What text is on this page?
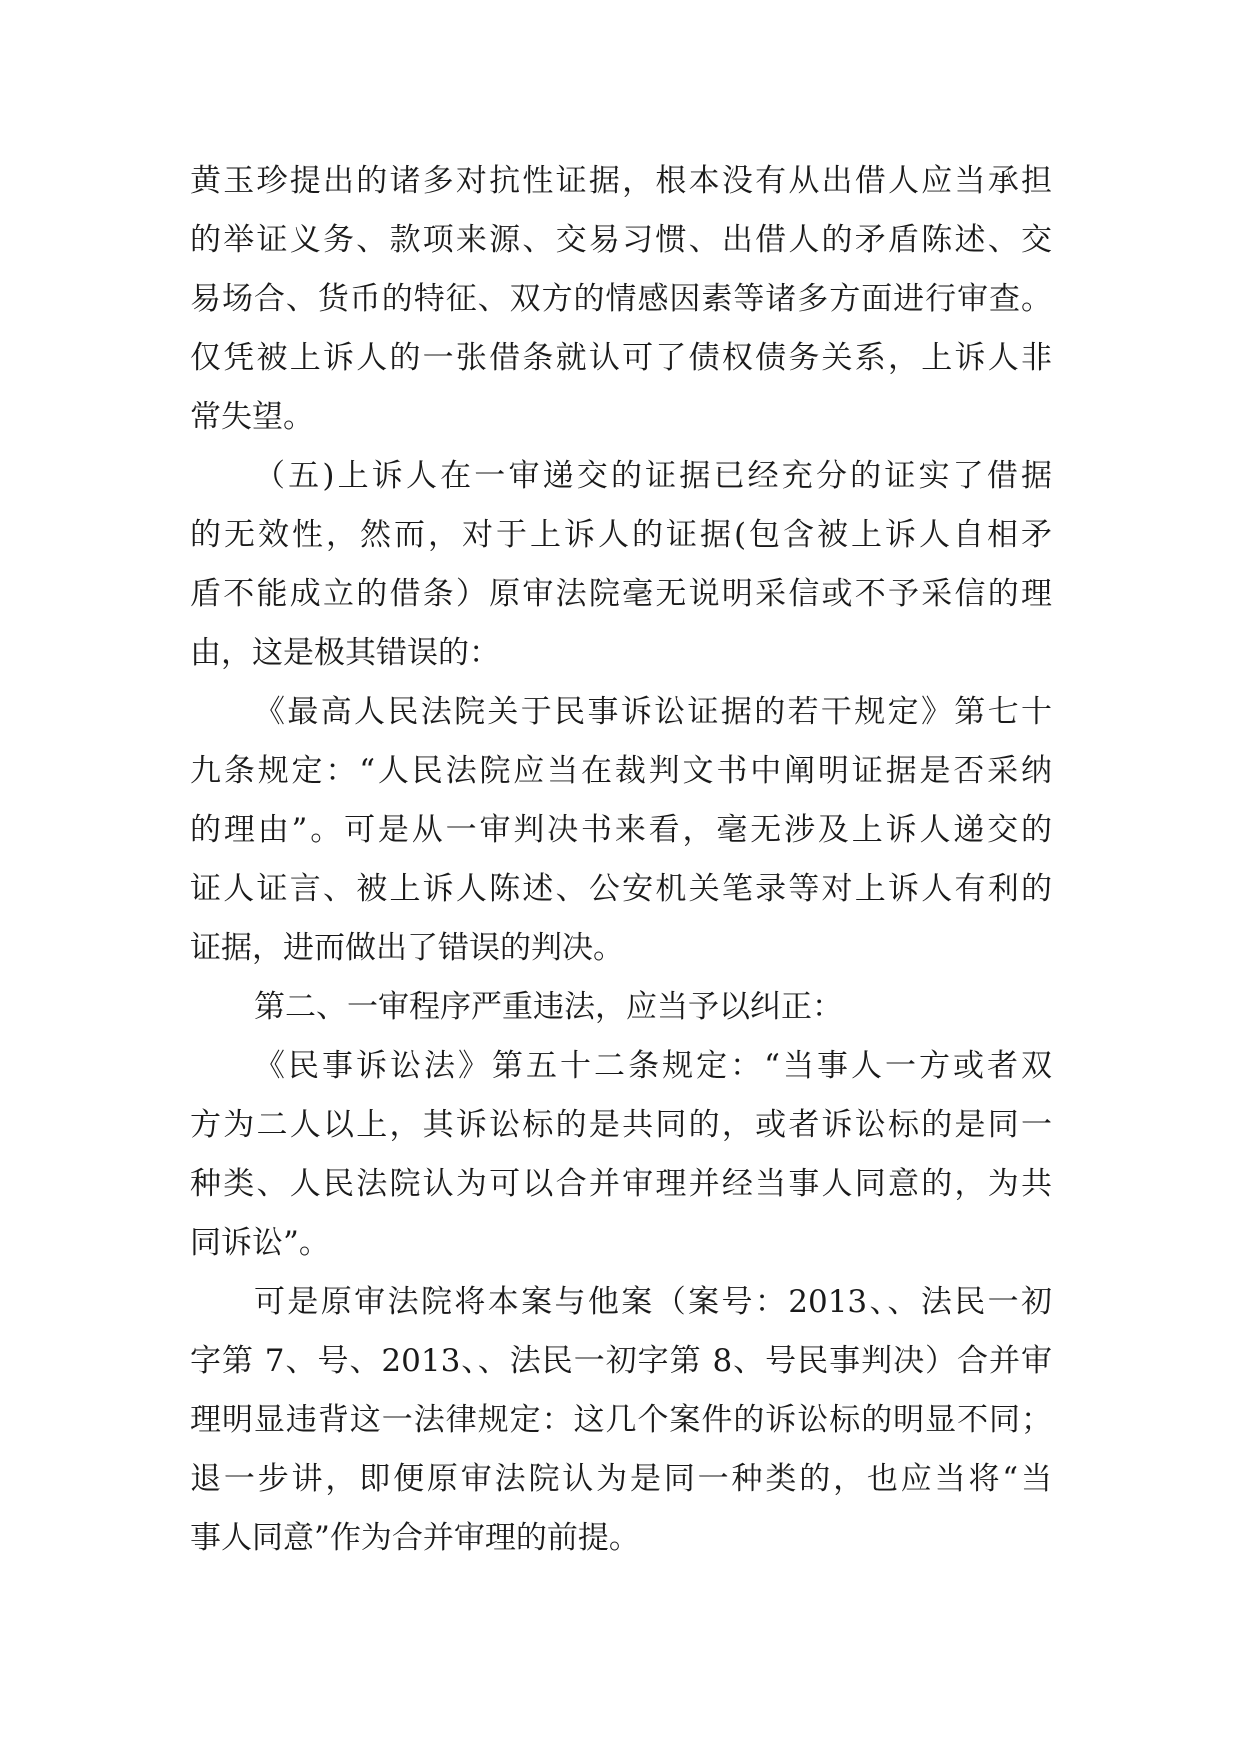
黄玉珍提出的诸多对抗性证据，根本没有从出借人应当承担
的举证义务、款项来源、交易习惯、出借人的矛盾陈述、交
易场合、货币的特征、双方的情感因素等诸多方面进行审查。
仅凭被上诉人的一张借条就认可了债权债务关系，上诉人非
常失望。
（五)上诉人在一审递交的证据已经充分的证实了借据
的无效性，然而，对于上诉人的证据(包含被上诉人自相矛
盾不能成立的借条）原审法院毫无说明采信或不予采信的理
由，这是极其错误的：
《最高人民法院关于民事诉讼证据的若干规定》第七十
九条规定：“人民法院应当在裁判文书中阐明证据是否采纳
的理由”。可是从一审判决书来看，毫无涉及上诉人递交的
证人证言、被上诉人陈述、公安机关笔录等对上诉人有利的
证据，进而做出了错误的判决。
第二、一审程序严重违法，应当予以纠正：
《民事诉讼法》第五十二条规定：“当事人一方或者双
方为二人以上，其诉讼标的是共同的，或者诉讼标的是同一
种类、人民法院认为可以合并审理并经当事人同意的，为共
同诉讼”。
可是原审法院将本案与他案（案号：2013、、法民一初
字第 7、号、2013、、法民一初字第 8、号民事判决）合并审
理明显违背这一法律规定：这几个案件的诉讼标的明显不同；
退一步讲，即便原审法院认为是同一种类的，也应当将“当
事人同意”作为合并审理的前提。
